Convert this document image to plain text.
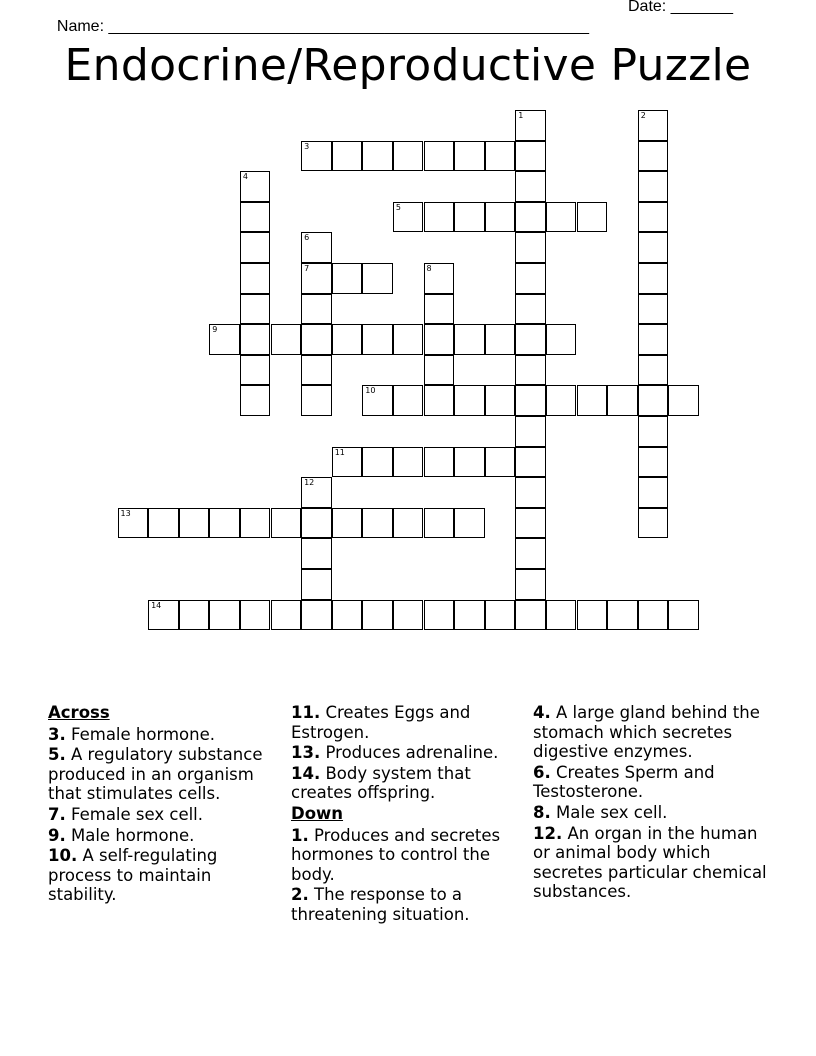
Name: ______________________________________________________

Date: _______

Endocrine/Reproductive Puzzle
1	2
3
4
5
6
7	8
9
10
11
12
13
14
Across
3. Female hormone.
5. A regulatory substance produced in an organism that stimulates cells.
7. Female sex cell.
9. Male hormone.
10. A self-regulating process to maintain stability.
11. Creates Eggs and Estrogen.
13. Produces adrenaline.
14. Body system that creates offspring.
Down
1. Produces and secretes hormones to control the body.
2. The response to a threatening situation.
4. A large gland behind the stomach which secretes digestive enzymes.
6. Creates Sperm and Testosterone.
8. Male sex cell.
12. An organ in the human or animal body which secretes particular chemical substances.
